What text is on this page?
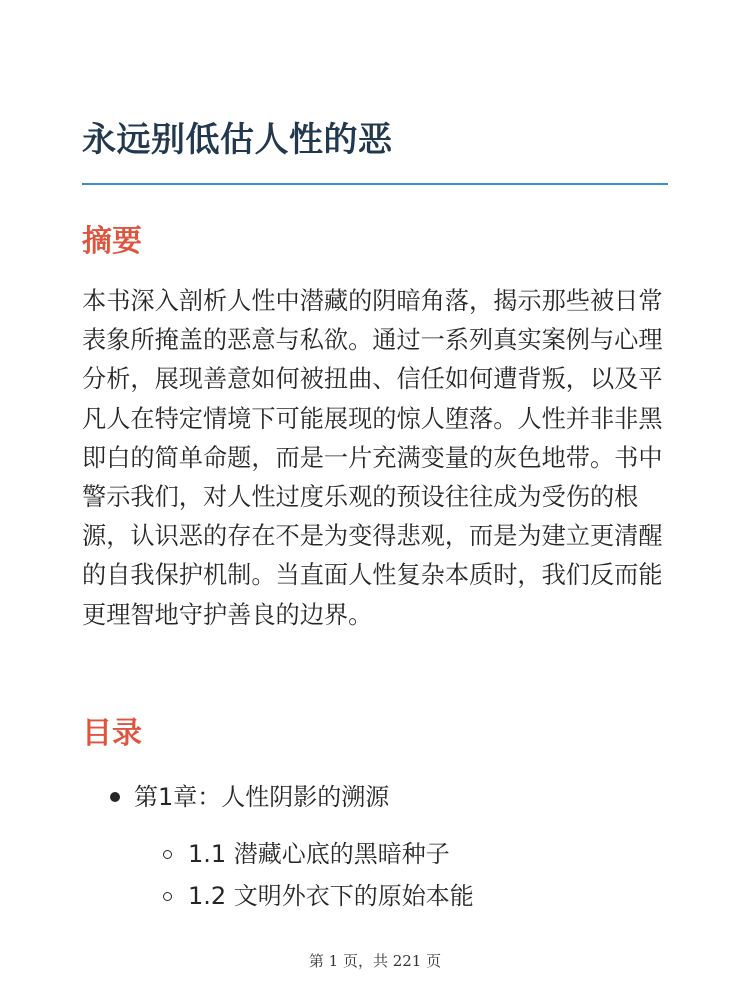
永远别低估人性的恶
摘要

本书深入剖析人性中潜藏的阴暗角落，揭示那些被日常表象所掩盖的恶意与私欲。通过一系列真实案例与心理分析，展现善意如何被扭曲、信任如何遭背叛，以及平凡人在特定情境下可能展现的惊人堕落。人性并非非黑即白的简单命题，而是一片充满变量的灰色地带。书中警示我们，对人性过度乐观的预设往往成为受伤的根源，认识恶的存在不是为变得悲观，而是为建立更清醒的自我保护机制。当直面人性复杂本质时，我们反而能更理智地守护善良的边界。

目录
第1章：人性阴影的溯源
1.1 潜藏心底的黑暗种子
1.2 文明外衣下的原始本能
第 1 页，共 221 页
